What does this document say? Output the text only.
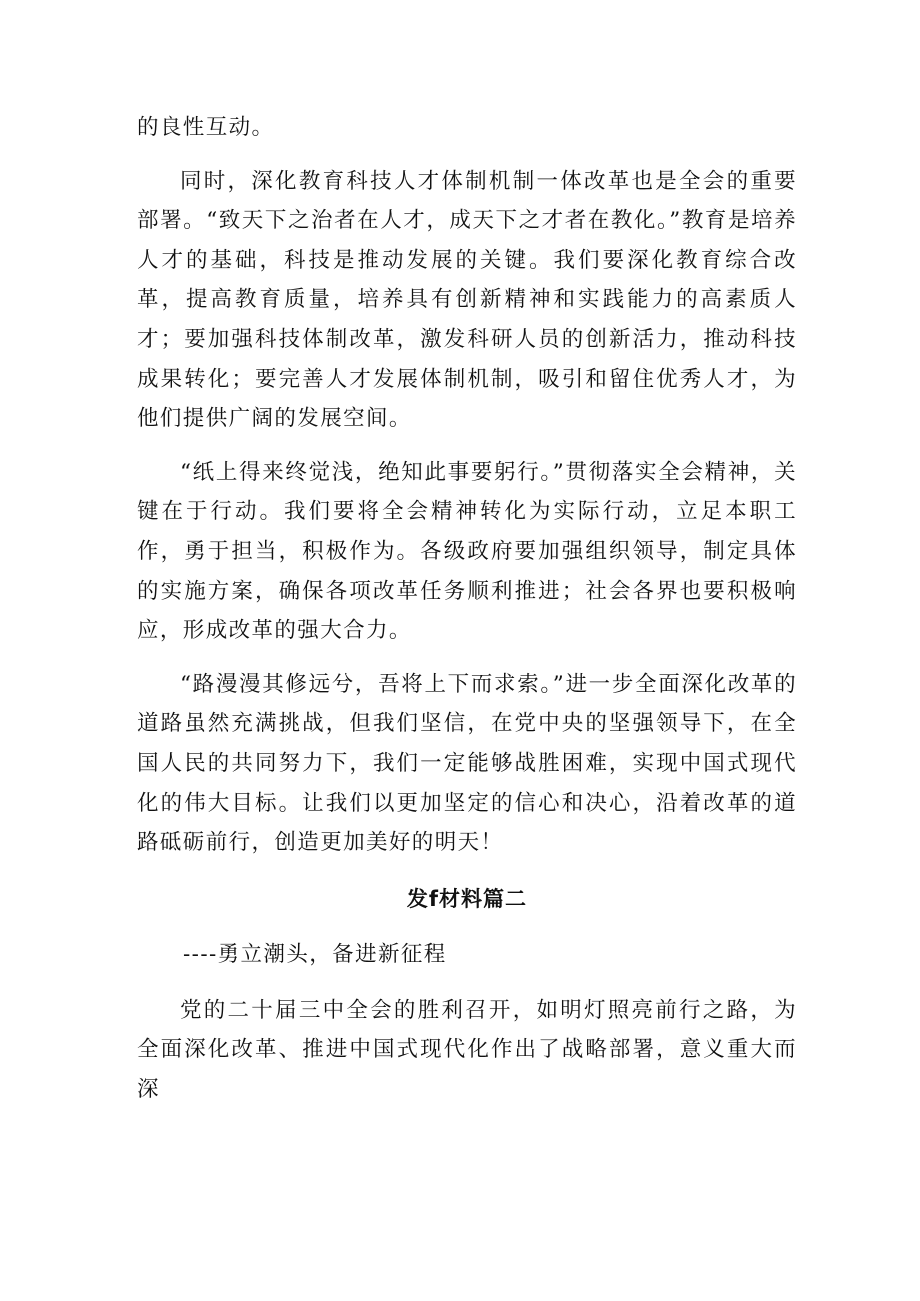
的良性互动。

同时，深化教育科技人才体制机制一体改革也是全会的重要部署。“致天下之治者在人才，成天下之才者在教化。”教育是培养人才的基础，科技是推动发展的关键。我们要深化教育综合改革，提高教育质量，培养具有创新精神和实践能力的高素质人才；要加强科技体制改革，激发科研人员的创新活力，推动科技成果转化；要完善人才发展体制机制，吸引和留住优秀人才，为他们提供广阔的发展空间。

“纸上得来终觉浅，绝知此事要躬行。”贯彻落实全会精神，关键在于行动。我们要将全会精神转化为实际行动，立足本职工作，勇于担当，积极作为。各级政府要加强组织领导，制定具体的实施方案，确保各项改革任务顺利推进；社会各界也要积极响应，形成改革的强大合力。

“路漫漫其修远兮，吾将上下而求索。”进一步全面深化改革的道路虽然充满挑战，但我们坚信，在党中央的坚强领导下，在全国人民的共同努力下，我们一定能够战胜困难，实现中国式现代化的伟大目标。让我们以更加坚定的信心和决心，沿着改革的道路砥砺前行，创造更加美好的明天！

发f材料篇二

----勇立潮头，备进新征程

党的二十届三中全会的胜利召开，如明灯照亮前行之路，为全面深化改革、推进中国式现代化作出了战略部署，意义重大而深
